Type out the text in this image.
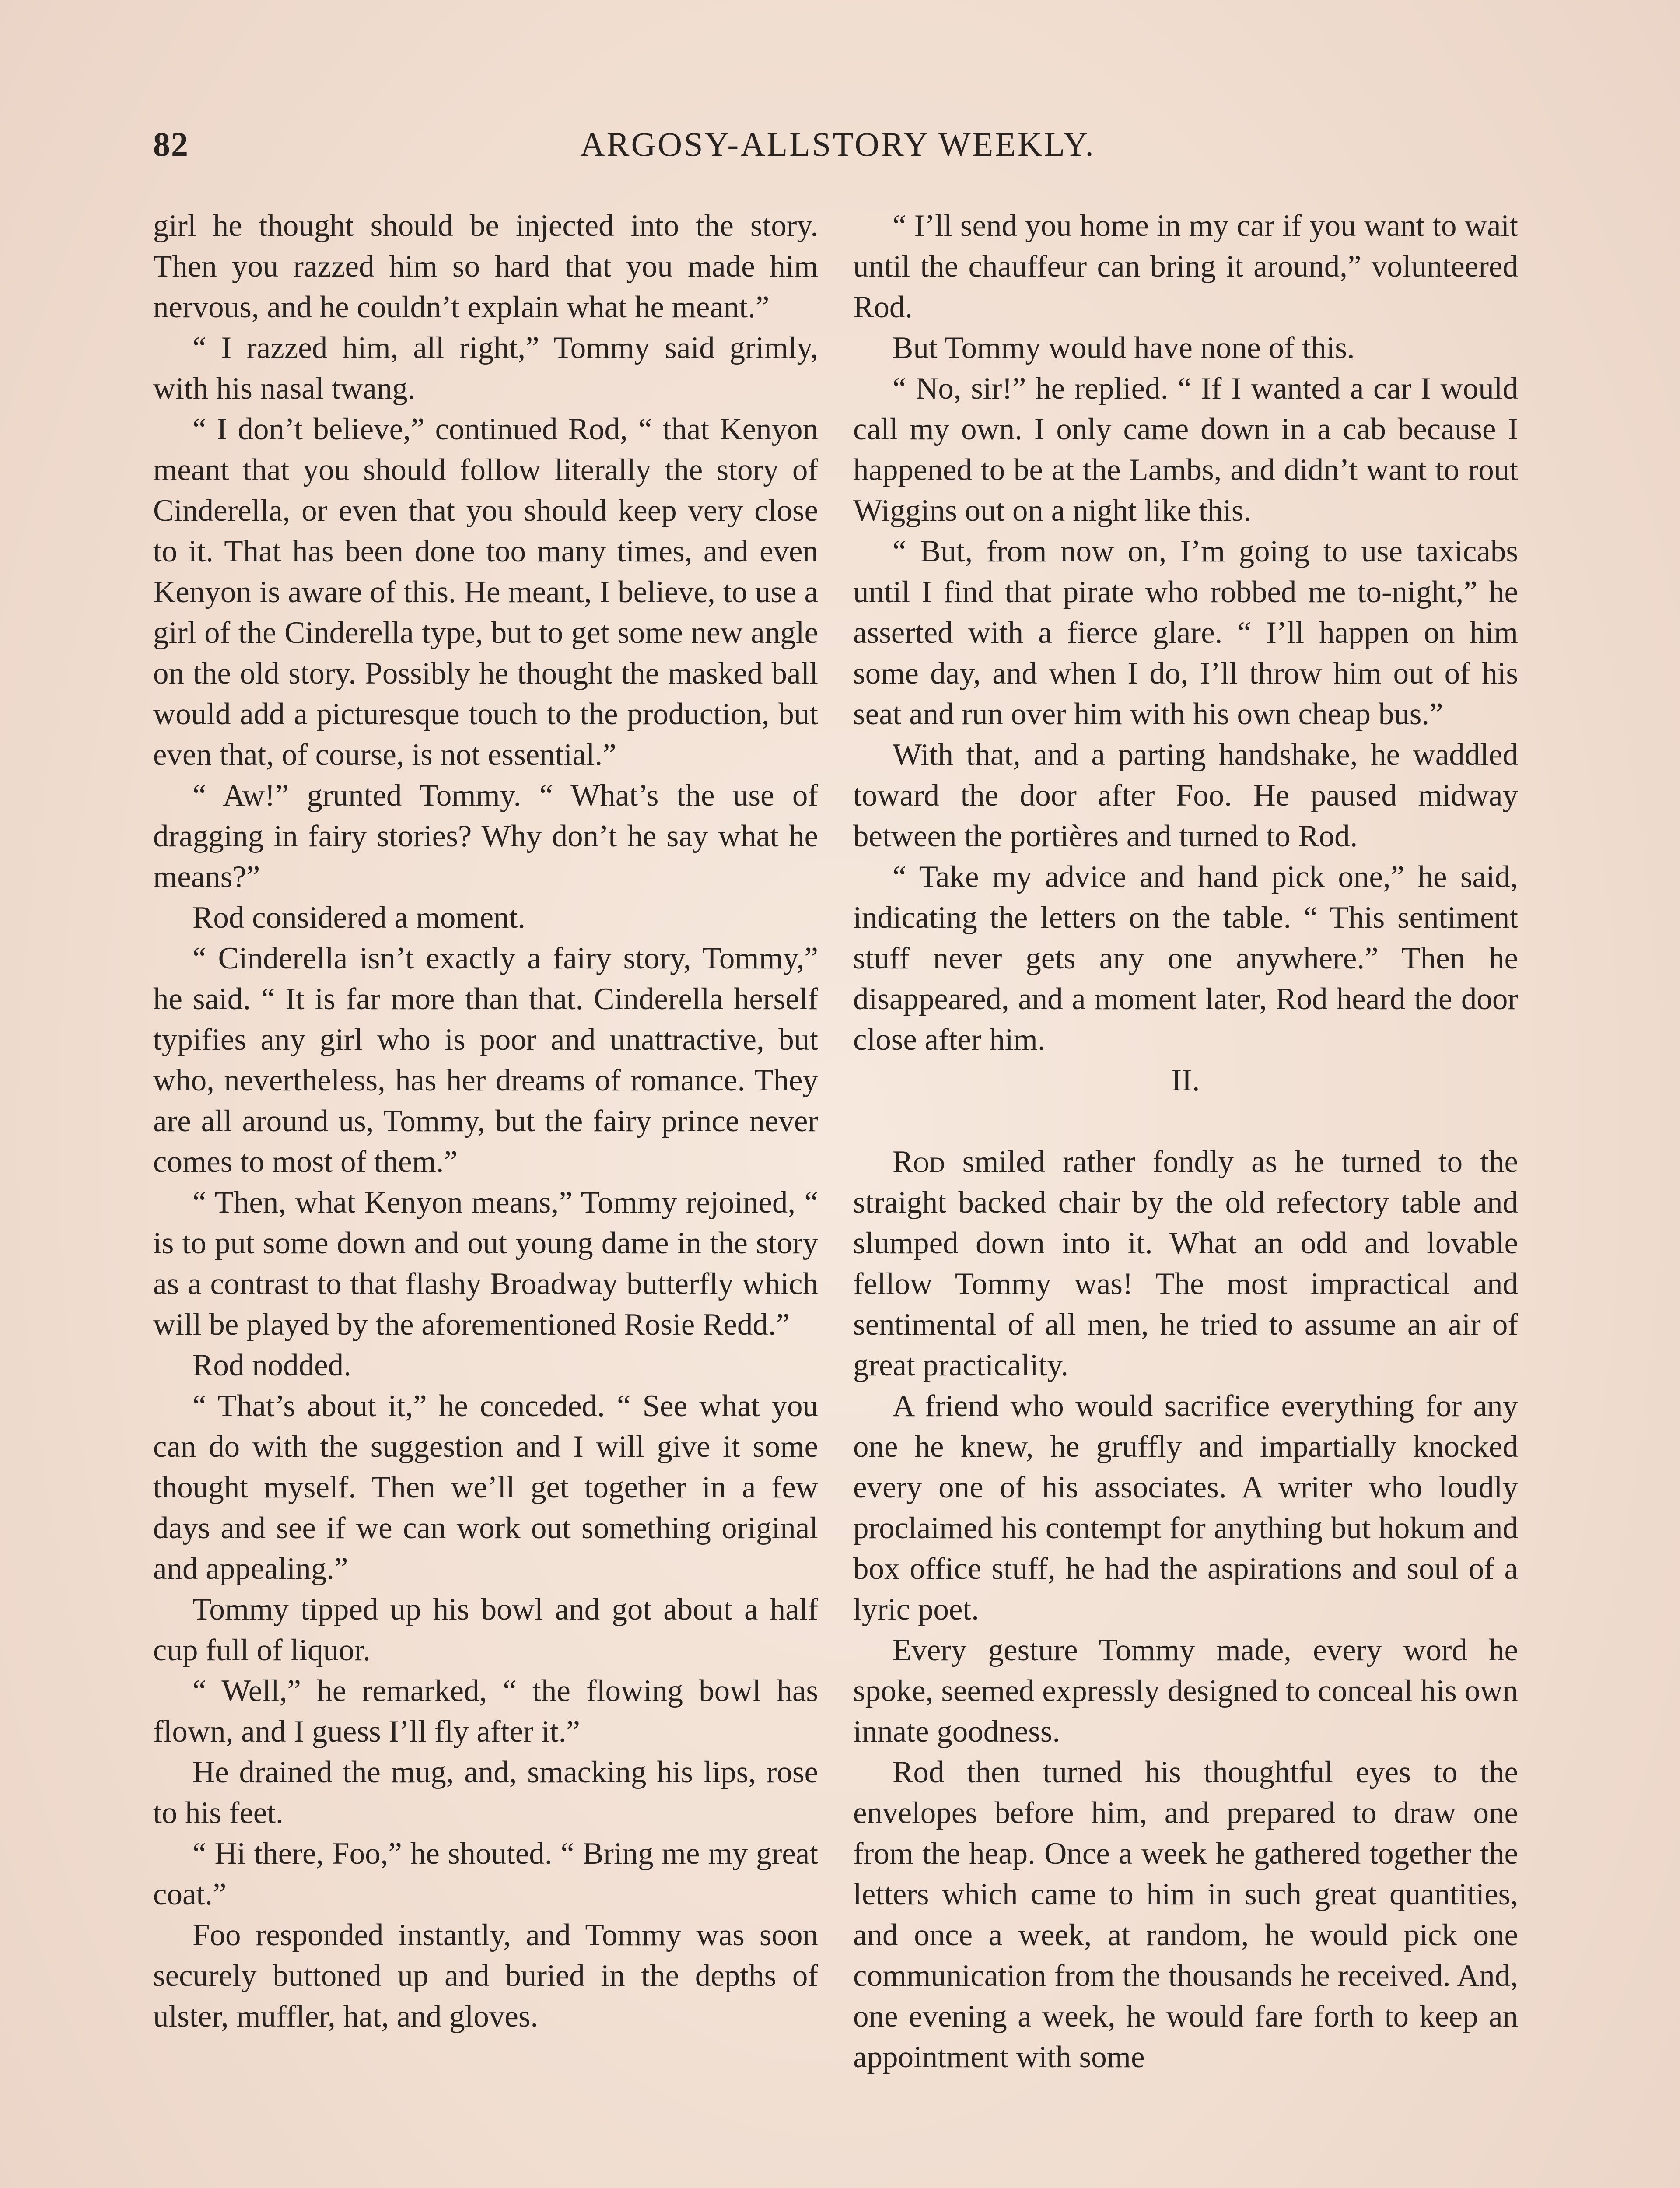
82	ARGOSY-ALLSTORY WEEKLY.

girl he thought should be injected into the story. Then you razzed him so hard that you made him nervous, and he couldn’t explain what he meant.”

“ I razzed him, all right,” Tommy said grimly, with his nasal twang.

“ I don’t believe,” continued Rod, “ that Kenyon meant that you should follow literally the story of Cinderella, or even that you should keep very close to it. That has been done too many times, and even Kenyon is aware of this. He meant, I believe, to use a girl of the Cinderella type, but to get some new angle on the old story. Possibly he thought the masked ball would add a picturesque touch to the production, but even that, of course, is not essential.”

“ Aw!” grunted Tommy. “ What’s the use of dragging in fairy stories? Why don’t he say what he means?”

Rod considered a moment.

“ Cinderella isn’t exactly a fairy story, Tommy,” he said. “ It is far more than that. Cinderella herself typifies any girl who is poor and unattractive, but who, nevertheless, has her dreams of romance. They are all around us, Tommy, but the fairy prince never comes to most of them.”

“ Then, what Kenyon means,” Tommy rejoined, “ is to put some down and out young dame in the story as a contrast to that flashy Broadway butterfly which will be played by the aforementioned Rosie Redd.”

Rod nodded.

“ That’s about it,” he conceded. “ See what you can do with the suggestion and I will give it some thought myself. Then we’ll get together in a few days and see if we can work out something original and appealing.”

Tommy tipped up his bowl and got about a half cup full of liquor.

“ Well,” he remarked, “ the flowing bowl has flown, and I guess I’ll fly after it.”

He drained the mug, and, smacking his lips, rose to his feet.

“ Hi there, Foo,” he shouted. “ Bring me my great coat.”

Foo responded instantly, and Tommy was soon securely buttoned up and buried in the depths of ulster, muffler, hat, and gloves.

“ I’ll send you home in my car if you want to wait until the chauffeur can bring it around,” volunteered Rod.

But Tommy would have none of this.

“ No, sir!” he replied. “ If I wanted a car I would call my own. I only came down in a cab because I happened to be at the Lambs, and didn’t want to rout Wiggins out on a night like this.

“ But, from now on, I’m going to use taxicabs until I find that pirate who robbed me to-night,” he asserted with a fierce glare. “ I’ll happen on him some day, and when I do, I’ll throw him out of his seat and run over him with his own cheap bus.”

With that, and a parting handshake, he waddled toward the door after Foo. He paused midway between the portières and turned to Rod.

“ Take my advice and hand pick one,” he said, indicating the letters on the table. “ This sentiment stuff never gets any one anywhere.” Then he disappeared, and a moment later, Rod heard the door close after him.

II.

Rod smiled rather fondly as he turned to the straight backed chair by the old refectory table and slumped down into it. What an odd and lovable fellow Tommy was! The most impractical and sentimental of all men, he tried to assume an air of great practicality.

A friend who would sacrifice everything for any one he knew, he gruffly and impartially knocked every one of his associates. A writer who loudly proclaimed his contempt for anything but hokum and box office stuff, he had the aspirations and soul of a lyric poet.

Every gesture Tommy made, every word he spoke, seemed expressly designed to conceal his own innate goodness.

Rod then turned his thoughtful eyes to the envelopes before him, and prepared to draw one from the heap. Once a week he gathered together the letters which came to him in such great quantities, and once a week, at random, he would pick one communication from the thousands he received. And, one evening a week, he would fare forth to keep an appointment with some
